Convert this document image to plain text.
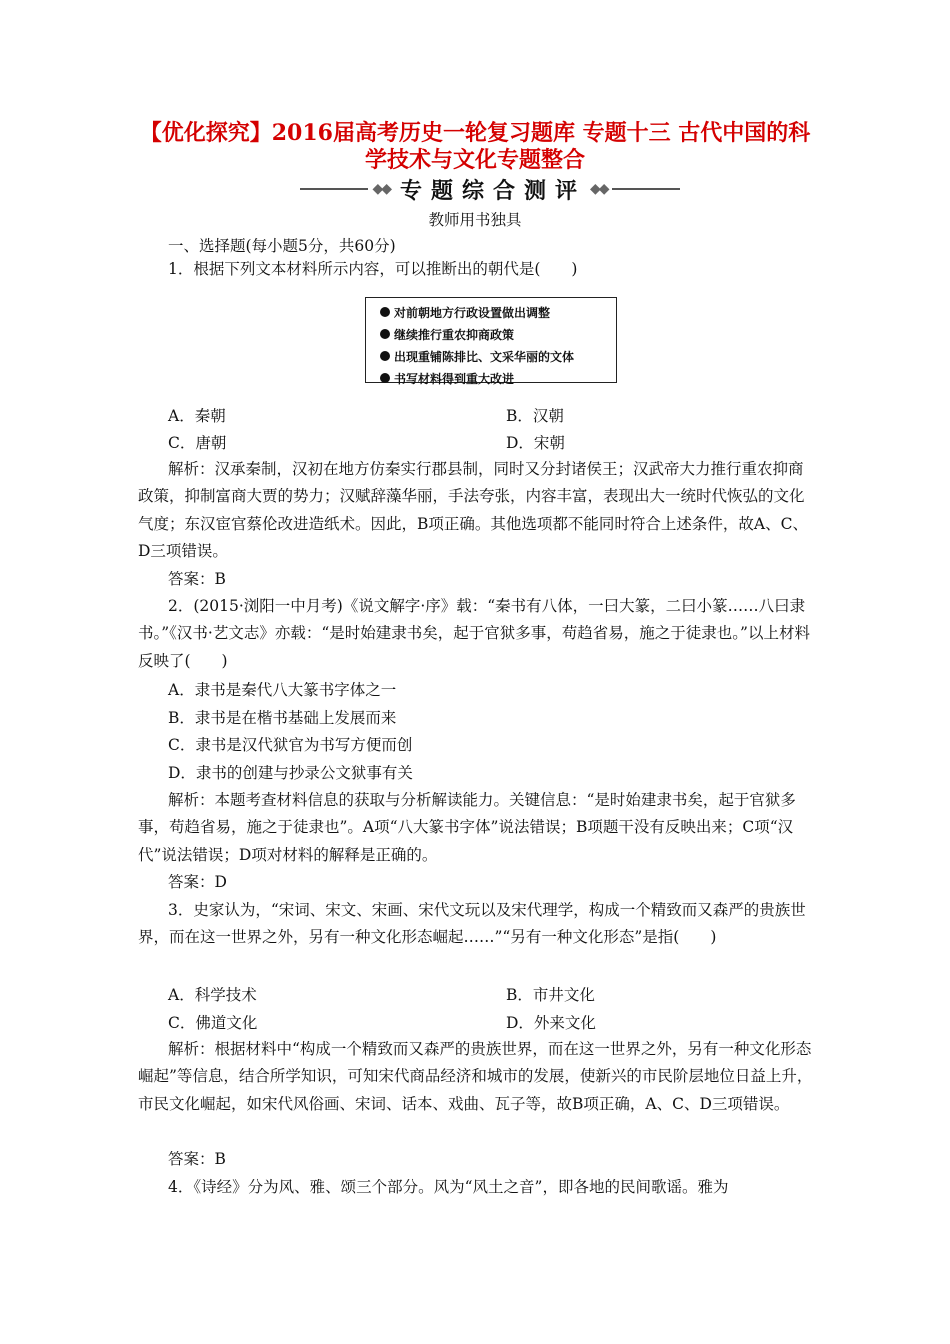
【优化探究】2016届高考历史一轮复习题库 专题十三 古代中国的科学技术与文化专题整合
◆◆ 专题综合测评 ◆◆
教师用书独具
一、选择题(每小题5分，共60分)

1．根据下列文本材料所示内容，可以推断出的朝代是(　　)

对前朝地方行政设置做出调整
继续推行重农抑商政策
出现重铺陈排比、文采华丽的文体
书写材料得到重大改进
A．秦朝	B．汉朝
C．唐朝	D．宋朝

解析：汉承秦制，汉初在地方仿秦实行郡县制，同时又分封诸侯王；汉武帝大力推行重农抑商政策，抑制富商大贾的势力；汉赋辞藻华丽，手法夸张，内容丰富，表现出大一统时代恢弘的文化气度；东汉宦官蔡伦改进造纸术。因此，B项正确。其他选项都不能同时符合上述条件，故A、C、D三项错误。

答案：B

2．(2015·浏阳一中月考)《说文解字·序》载：“秦书有八体，一曰大篆，二曰小篆……八曰隶书。”《汉书·艺文志》亦载：“是时始建隶书矣，起于官狱多事，苟趋省易，施之于徒隶也。”以上材料反映了(　　)

A．隶书是秦代八大篆书字体之一
B．隶书是在楷书基础上发展而来
C．隶书是汉代狱官为书写方便而创
D．隶书的创建与抄录公文狱事有关

解析：本题考查材料信息的获取与分析解读能力。关键信息：“是时始建隶书矣，起于官狱多事，苟趋省易，施之于徒隶也”。A项“八大篆书字体”说法错误；B项题干没有反映出来；C项“汉代”说法错误；D项对材料的解释是正确的。

答案：D

3．史家认为，“宋词、宋文、宋画、宋代文玩以及宋代理学，构成一个精致而又森严的贵族世界，而在这一世界之外，另有一种文化形态崛起……”“另有一种文化形态”是指(　　)

A．科学技术	B．市井文化
C．佛道文化	D．外来文化

解析：根据材料中“构成一个精致而又森严的贵族世界，而在这一世界之外，另有一种文化形态崛起”等信息，结合所学知识，可知宋代商品经济和城市的发展，使新兴的市民阶层地位日益上升，市民文化崛起，如宋代风俗画、宋词、话本、戏曲、瓦子等，故B项正确，A、C、D三项错误。

答案：B

4．《诗经》分为风、雅、颂三个部分。风为“风土之音”，即各地的民间歌谣。雅为
